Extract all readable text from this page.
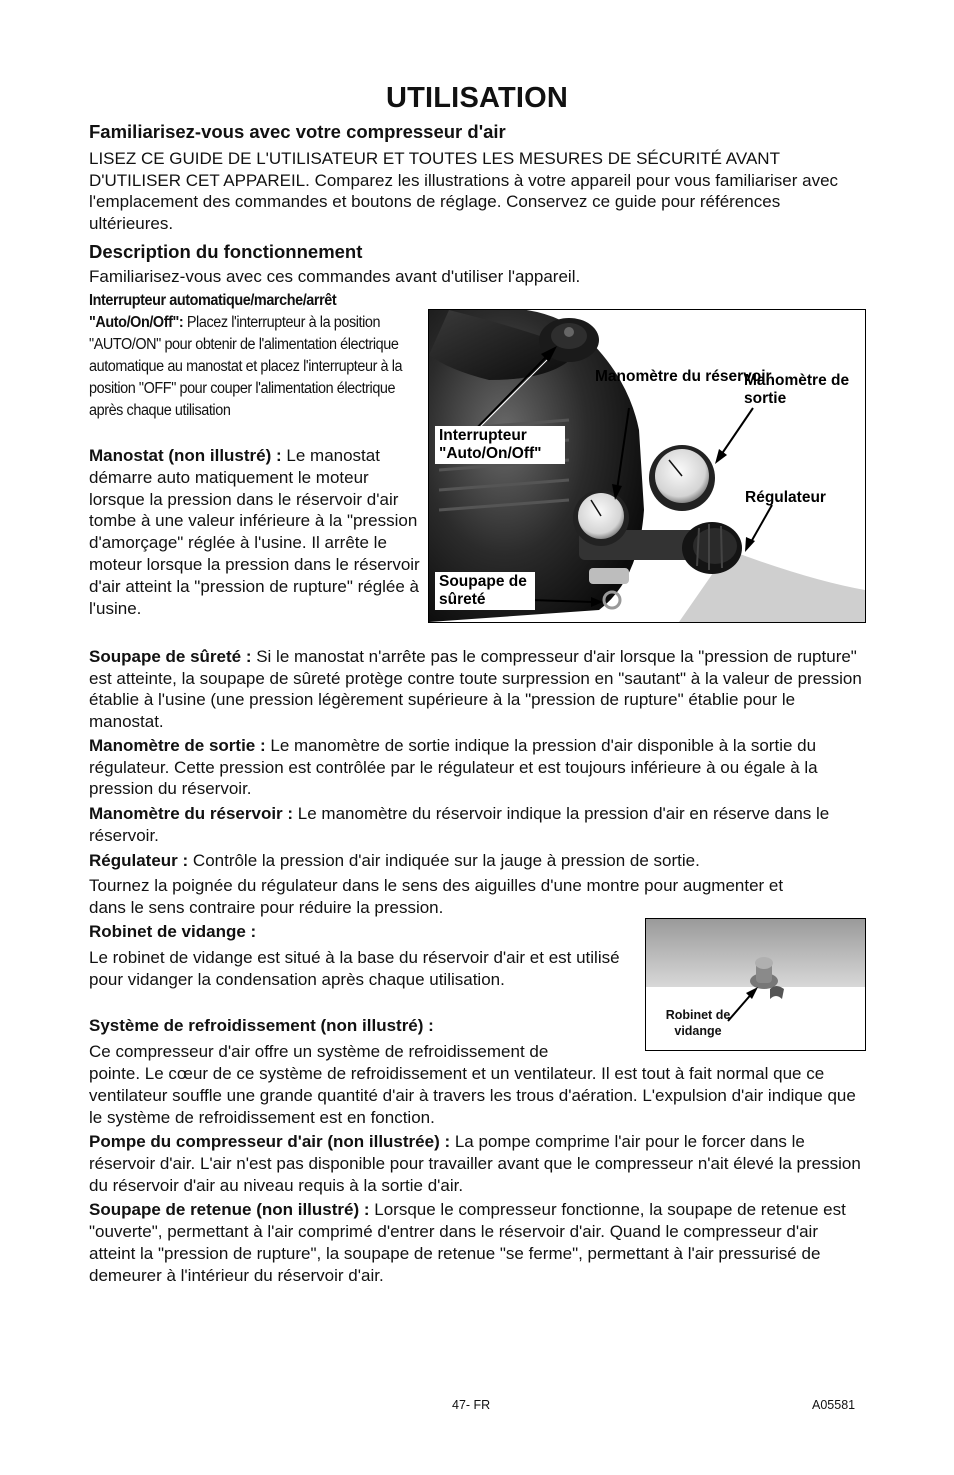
UTILISATION
Familiarisez-vous avec votre compresseur d'air
LISEZ CE GUIDE DE L'UTILISATEUR ET TOUTES LES MESURES DE SÉCURITÉ AVANT D'UTILISER CET APPAREIL. Comparez les illustrations à votre appareil pour vous familiariser avec l'emplacement des commandes et boutons de réglage. Conservez ce guide pour références ultérieures.
Description du fonctionnement
Familiarisez-vous avec ces commandes avant d'utiliser l'appareil.
Interrupteur automatique/marche/arrêt "Auto/On/Off": Placez l'interrupteur à la position "AUTO/ON" pour obtenir de l'alimentation électrique automatique au manostat et placez l'interrupteur à la position "OFF" pour couper l'alimentation électrique après chaque utilisation
Manostat (non illustré) : Le manostat démarre auto matiquement le moteur lorsque la pression dans le réservoir d'air tombe à une valeur inférieure à la "pression d'amorçage" réglée à l'usine. Il arrête le moteur lorsque la pression dans le réservoir d'air atteint la "pression de rupture" réglée à l'usine.
Manomètre du réservoir
Manomètre de sortie
Interrupteur "Auto/On/Off"
Régulateur
Soupape de sûreté
Soupape de sûreté : Si le manostat n'arrête pas le compresseur d'air lorsque la "pression de rupture" est atteinte, la soupape de sûreté protège contre toute surpression en "sautant" à la valeur de pression établie à l'usine (une pression légèrement supérieure à la "pression de rupture" établie pour le manostat.
Manomètre de sortie : Le manomètre de sortie indique la pression d'air disponible à la sortie du régulateur. Cette pression est contrôlée par le régulateur et est toujours inférieure à ou égale à la pression du réservoir.
Manomètre du réservoir : Le manomètre du réservoir indique la pression d'air en réserve dans le réservoir.
Régulateur : Contrôle la pression d'air indiquée sur la jauge à pression de sortie.
Tournez la poignée du régulateur dans le sens des aiguilles d'une montre pour augmenter et dans le sens contraire pour réduire la pression.
Robinet de vidange :
Le robinet de vidange est situé à la base du réservoir d'air et est utilisé pour vidanger la condensation après chaque utilisation.
Robinet de vidange
Système de refroidissement (non illustré) :
Ce compresseur d'air offre un système de refroidissement de
pointe. Le cœur de ce système de refroidissement et un ventilateur. Il est tout à fait normal que ce ventilateur souffle une grande quantité d'air à travers les trous d'aération. L'expulsion d'air indique que le système de refroidissement est en fonction.
Pompe du compresseur d'air (non illustrée) : La pompe comprime l'air pour le forcer dans le réservoir d'air. L'air n'est pas disponible pour travailler avant que le compresseur n'ait élevé la pression du réservoir d'air au niveau requis à la sortie d'air.
Soupape de retenue (non illustré) : Lorsque le compresseur fonctionne, la soupape de retenue est "ouverte", permettant à l'air comprimé d'entrer dans le réservoir d'air. Quand le compresseur d'air atteint la "pression de rupture", la soupape de retenue "se ferme", permettant à l'air pressurisé de demeurer à l'intérieur du réservoir d'air.
47- FR	A05581
